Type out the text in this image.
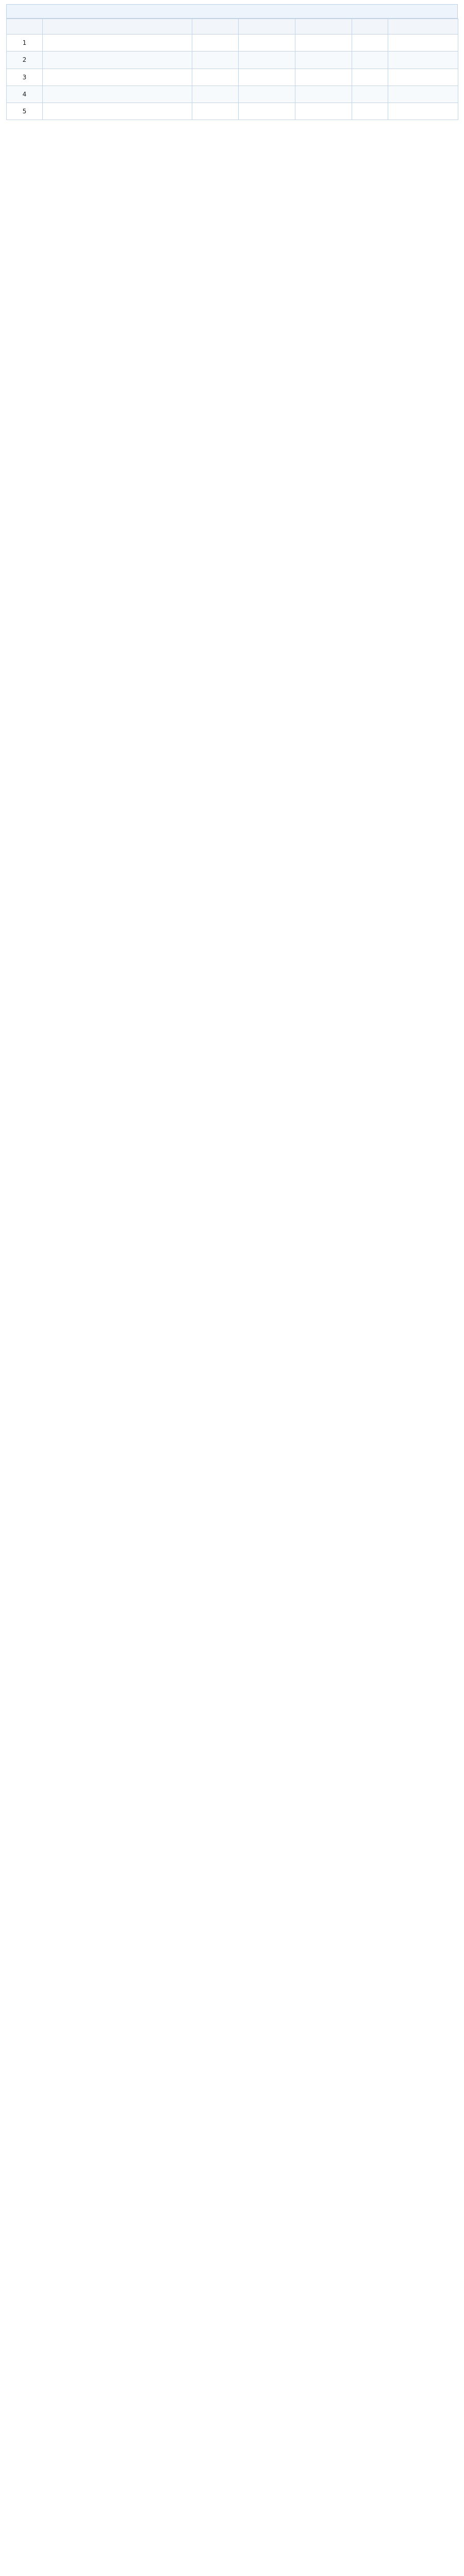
1						
2						
3						
4						
5						
